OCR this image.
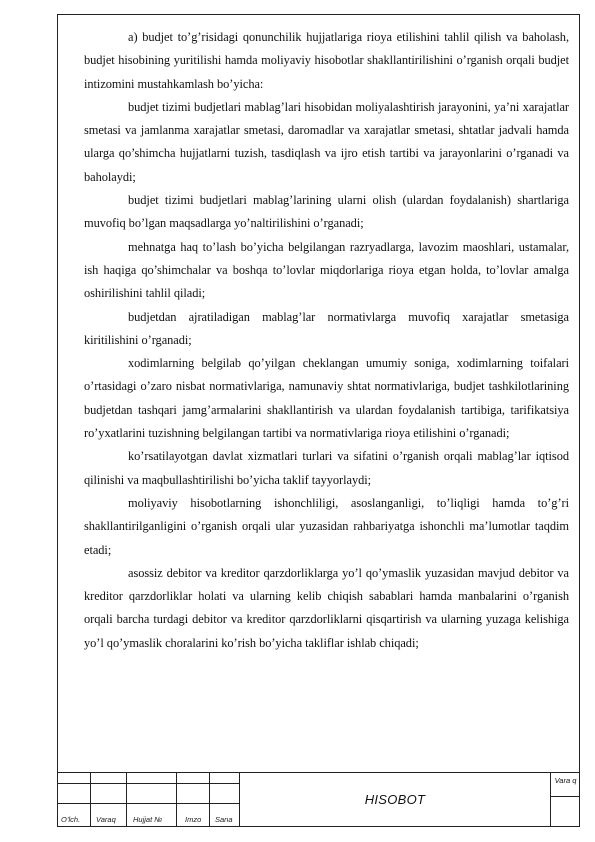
a) budjet to’g’risidagi qonunchilik hujjatlariga rioya etilishini tahlil qilish va baholash, budjet hisobining yuritilishi hamda moliyaviy hisobotlar shakllantirilishini o’rganish orqali budjet intizomini mustahkamlash bo’yicha:

budjet tizimi budjetlari mablag’lari hisobidan moliyalashtirish jarayonini, ya’ni xarajatlar smetasi va jamlanma xarajatlar smetasi, daromadlar va xarajatlar smetasi, shtatlar jadvali hamda ularga qo’shimcha hujjatlarni tuzish, tasdiqlash va ijro etish tartibi va jarayonlarini o’rganadi va baholaydi;

budjet tizimi budjetlari mablag’larining ularni olish (ulardan foydalanish) shartlariga muvofiq bo’lgan maqsadlarga yo’naltirilishini o’rganadi;

mehnatga haq to’lash bo’yicha belgilangan razryadlarga, lavozim maoshlari, ustamalar, ish haqiga qo’shimchalar va boshqa to’lovlar miqdorlariga rioya etgan holda, to’lovlar amalga oshirilishini tahlil qiladi;

budjetdan ajratiladigan mablag’lar normativlarga muvofiq xarajatlar smetasiga kiritilishini o’rganadi;

xodimlarning belgilab qo’yilgan cheklangan umumiy soniga, xodimlarning toifalari o’rtasidagi o’zaro nisbat normativlariga, namunaviy shtat normativlariga, budjet tashkilotlarining budjetdan tashqari jamg’armalarini shakllantirish va ulardan foydalanish tartibiga, tarifikatsiya ro’yxatlarini tuzishning belgilangan tartibi va normativlariga rioya etilishini o’rganadi;

ko’rsatilayotgan davlat xizmatlari turlari va sifatini o’rganish orqali mablag’lar iqtisod qilinishi va maqbullashtirilishi bo’yicha taklif tayyorlaydi;

moliyaviy hisobotlarning ishonchliligi, asoslanganligi, to’liqligi hamda to’g’ri shakllantirilganligini o’rganish orqali ular yuzasidan rahbariyatga ishonchli ma’lumotlar taqdim etadi;

asossiz debitor va kreditor qarzdorliklarga yo’l qo’ymaslik yuzasidan mavjud debitor va kreditor qarzdorliklar holati va ularning kelib chiqish sabablari hamda manbalarini o’rganish orqali barcha turdagi debitor va kreditor qarzdorliklarni qisqartirish va ularning yuzaga kelishiga yo’l qo’ymaslik choralarini ko’rish bo’yicha takliflar ishlab chiqadi;

O’lch. Varaq Hujjat №	Imzo Sana
HISOBOT
Vara q
